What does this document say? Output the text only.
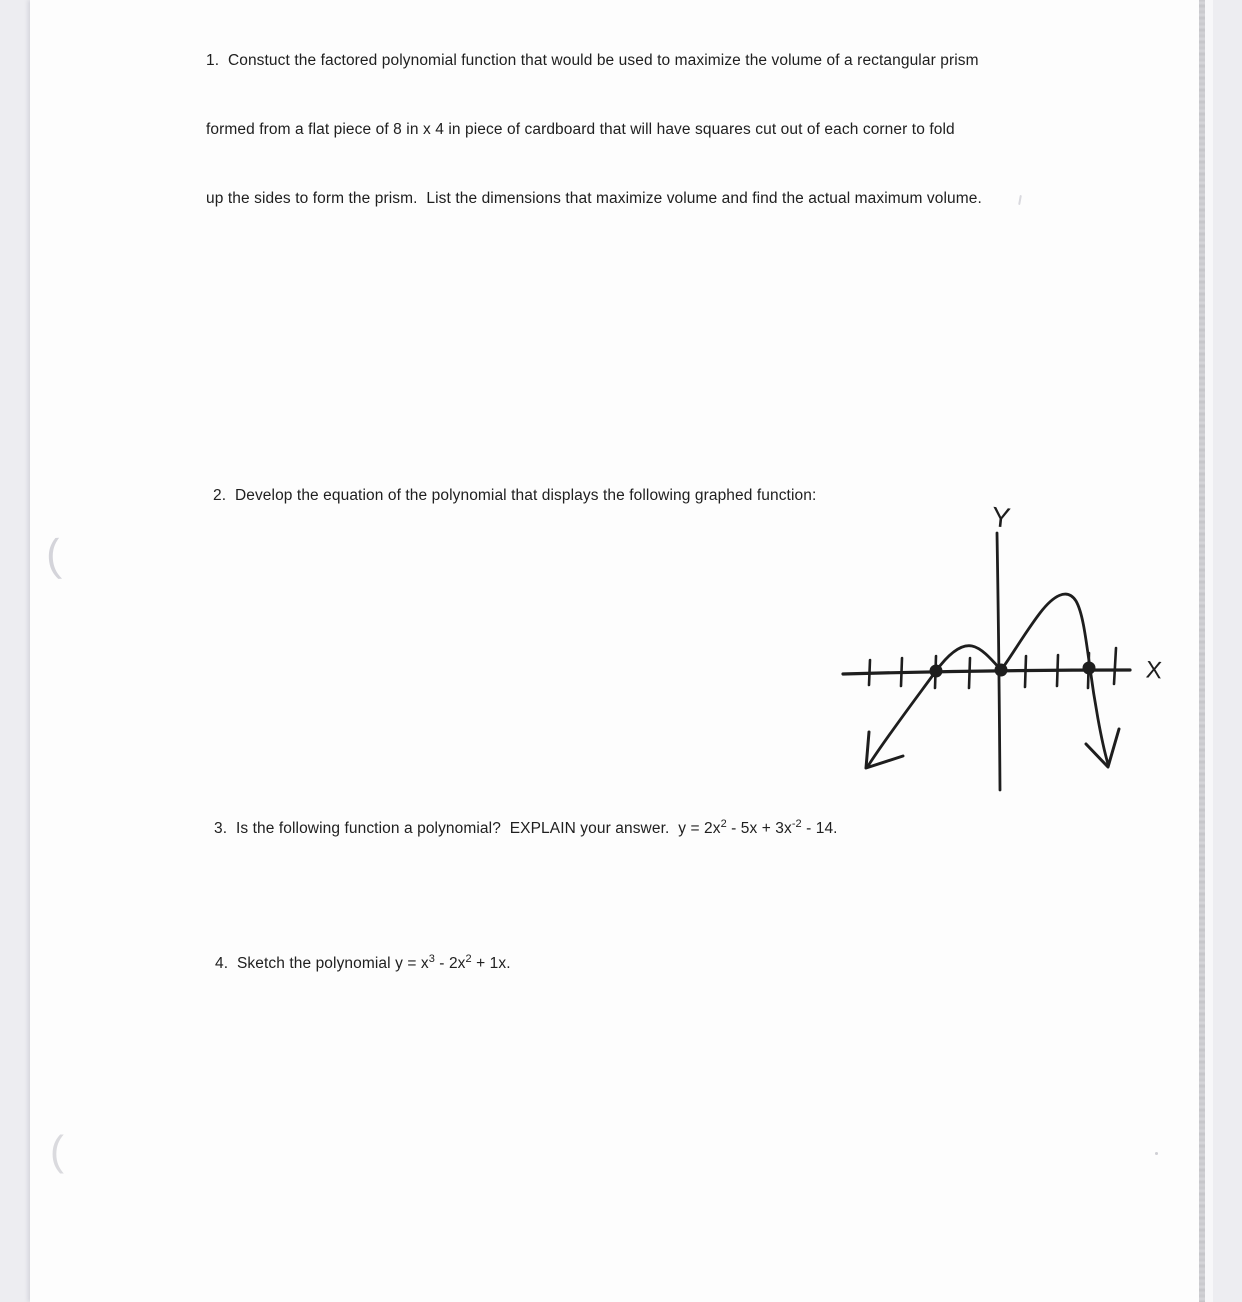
1.  Constuct the factored polynomial function that would be used to maximize the volume of a rectangular prism

formed from a flat piece of 8 in x 4 in piece of cardboard that will have squares cut out of each corner to fold

up the sides to form the prism.  List the dimensions that maximize volume and find the actual maximum volume.

2.  Develop the equation of the polynomial that displays the following graphed function:
Y
X
3.  Is the following function a polynomial?  EXPLAIN your answer.  $y = 2x^2 - 5x + 3x^{-2} - 14$.
4.  Sketch the polynomial $y = x^3 - 2x^2 + 1x$.
(
(
